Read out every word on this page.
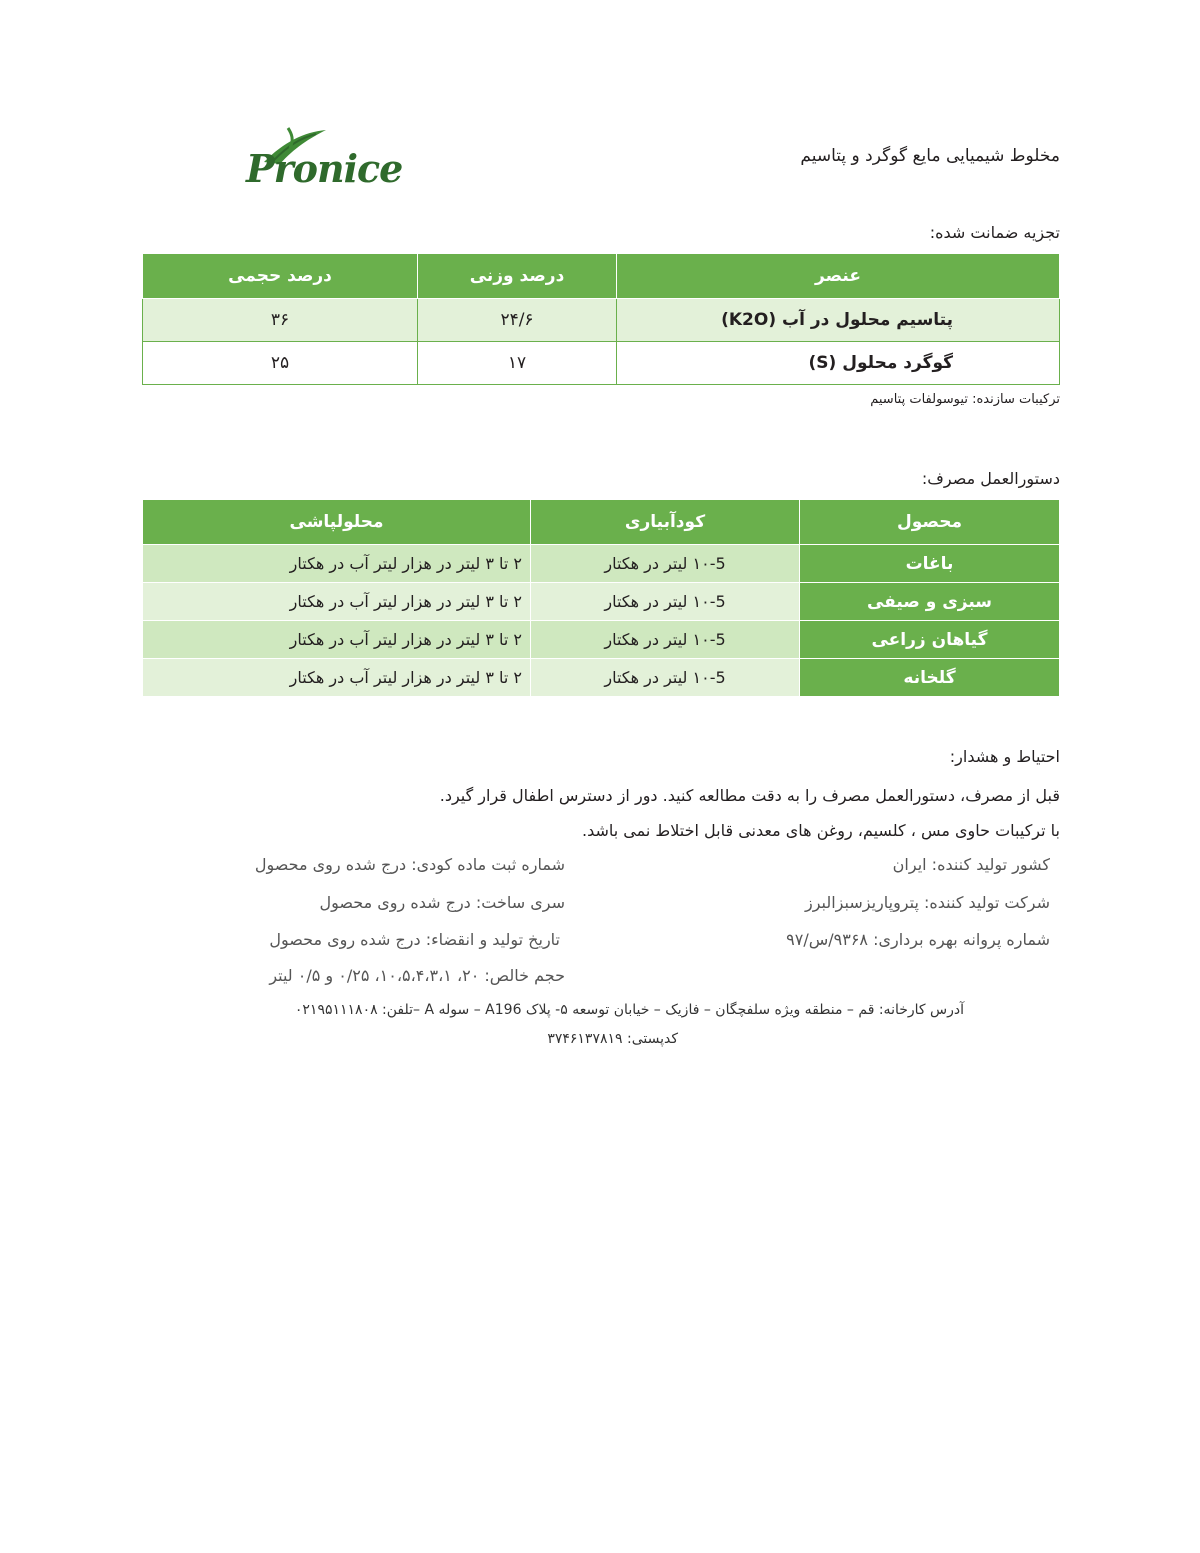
Pronice	مخلوط شیمیایی مایع گوگرد و پتاسیم
تجزیه ضمانت شده:
عنصر	درصد وزنی	درصد حجمی
پتاسیم محلول در آب (K2O)	۲۴/۶	۳۶
گوگرد محلول (S)	۱۷	۲۵
ترکیبات سازنده: تیوسولفات پتاسیم
دستورالعمل مصرف:
محصول	کودآبیاری	محلولپاشی
باغات	۱۰-5 لیتر در هکتار	۲ تا ۳ لیتر در هزار لیتر آب در هکتار
سبزی و صیفی	۱۰-5 لیتر در هکتار	۲ تا ۳ لیتر در هزار لیتر آب در هکتار
گیاهان زراعی	۱۰-5 لیتر در هکتار	۲ تا ۳ لیتر در هزار لیتر آب در هکتار
گلخانه	۱۰-5 لیتر در هکتار	۲ تا ۳ لیتر در هزار لیتر آب در هکتار
احتیاط و هشدار:
قبل از مصرف، دستورالعمل مصرف را به دقت مطالعه کنید. دور از دسترس اطفال قرار گیرد.
با ترکیبات حاوی مس ، کلسیم، روغن های معدنی قابل اختلاط نمی باشد.
کشور تولید کننده: ایران
شرکت تولید کننده: پتروپاریزسبزالبرز
شماره پروانه بهره برداری: ۹۳۶۸/س/۹۷
شماره ثبت ماده کودی: درج شده روی محصول
سری ساخت: درج شده روی محصول
تاریخ تولید و انقضاء: درج شده روی محصول
حجم خالص: ۲۰، ۱۰،۵،۴،۳،۱، ۰/۲۵ و ۰/۵ لیتر
آدرس کارخانه: قم – منطقه ویژه سلفچگان – فازیک – خیابان توسعه ۵- پلاک A196 – سوله A –تلفن: ۰۲۱۹۵۱۱۱۸۰۸
کدپستی: ۳۷۴۶۱۳۷۸۱۹
